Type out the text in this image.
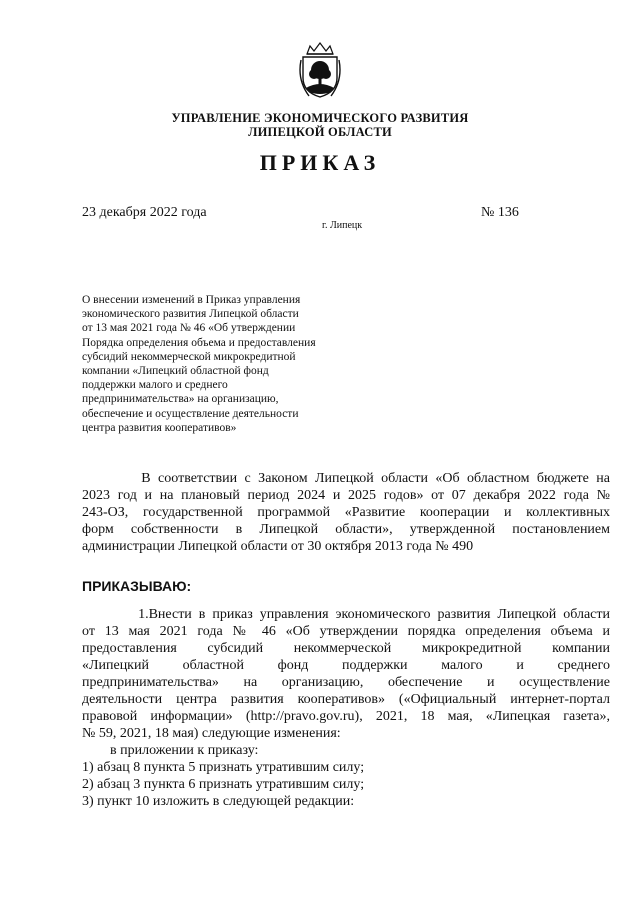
УПРАВЛЕНИЕ ЭКОНОМИЧЕСКОГО РАЗВИТИЯ
ЛИПЕЦКОЙ ОБЛАСТИ
ПРИКАЗ
23 декабря 2022 года	№ 136
г. Липецк
О внесении изменений в Приказ управления
экономического развития Липецкой области
от 13 мая 2021 года № 46 «Об утверждении
Порядка определения объема и предоставления
субсидий некоммерческой микрокредитной
компании «Липецкий областной фонд
поддержки малого и среднего
предпринимательства» на организацию,
обеспечение и осуществление деятельности
центра развития кооперативов»
В соответствии с Законом Липецкой области «Об областном бюджете на
2023 год и на плановый период 2024 и 2025 годов» от 07 декабря 2022 года №
243-ОЗ, государственной программой «Развитие кооперации и коллективных
форм собственности в Липецкой области», утвержденной постановлением
администрации Липецкой области от 30 октября 2013 года № 490
ПРИКАЗЫВАЮ:
1.Внести в приказ управления экономического развития Липецкой области
от 13 мая 2021 года № 46 «Об утверждении порядка определения объема и
предоставления субсидий некоммерческой микрокредитной компании
«Липецкий областной фонд поддержки малого и среднего
предпринимательства» на организацию, обеспечение и осуществление
деятельности центра развития кооперативов» («Официальный интернет-портал
правовой информации» (http://pravo.gov.ru), 2021, 18 мая, «Липецкая газета»,
№ 59, 2021, 18 мая) следующие изменения:
в приложении к приказу:
1) абзац 8 пункта 5 признать утратившим силу;
2) абзац 3 пункта 6 признать утратившим силу;
3) пункт 10 изложить в следующей редакции:
